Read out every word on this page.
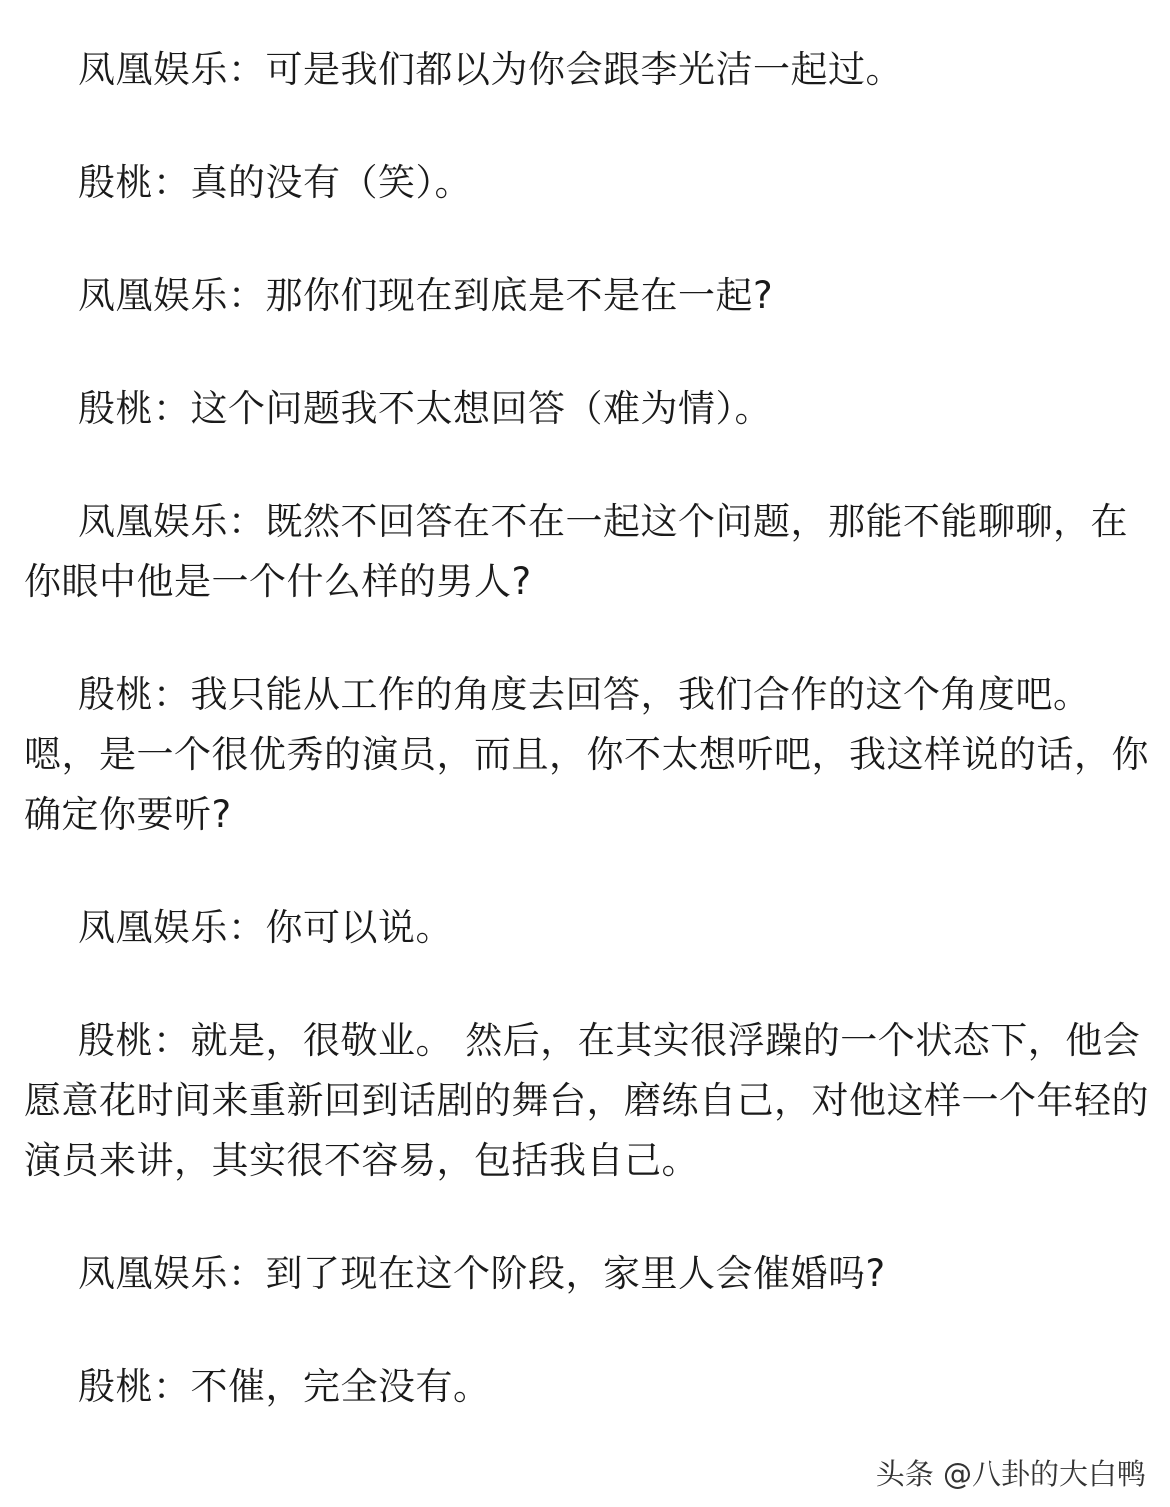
凤凰娱乐：可是我们都以为你会跟李光洁一起过。

殷桃：真的没有（笑）。

凤凰娱乐：那你们现在到底是不是在一起?

殷桃：这个问题我不太想回答（难为情）。

凤凰娱乐：既然不回答在不在一起这个问题，那能不能聊聊，在你眼中他是一个什么样的男人?

殷桃：我只能从工作的角度去回答，我们合作的这个角度吧。嗯，是一个很优秀的演员，而且，你不太想听吧，我这样说的话，你确定你要听?

凤凰娱乐：你可以说。

殷桃：就是，很敬业。 然后，在其实很浮躁的一个状态下，他会愿意花时间来重新回到话剧的舞台，磨练自己，对他这样一个年轻的演员来讲，其实很不容易，包括我自己。

凤凰娱乐：到了现在这个阶段，家里人会催婚吗?

殷桃：不催，完全没有。

头条 @八卦的大白鸭
